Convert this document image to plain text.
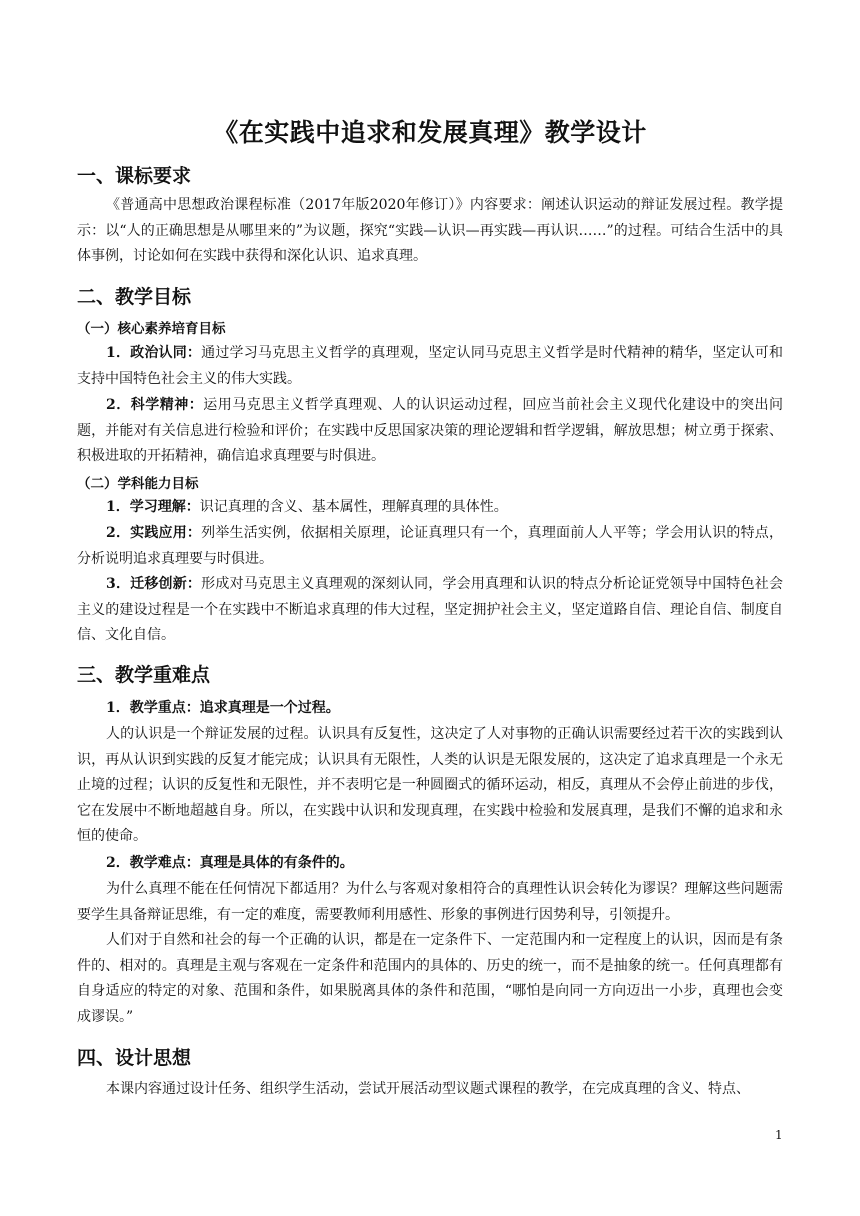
《在实践中追求和发展真理》教学设计
一、课标要求
《普通高中思想政治课程标准（2017年版2020年修订）》内容要求：阐述认识运动的辩证发展过程。教学提示：以“人的正确思想是从哪里来的”为议题，探究“实践—认识—再实践—再认识……”的过程。可结合生活中的具体事例，讨论如何在实践中获得和深化认识、追求真理。
二、教学目标
（一）核心素养培育目标
1．政治认同：通过学习马克思主义哲学的真理观，坚定认同马克思主义哲学是时代精神的精华，坚定认可和支持中国特色社会主义的伟大实践。
2．科学精神：运用马克思主义哲学真理观、人的认识运动过程，回应当前社会主义现代化建设中的突出问题，并能对有关信息进行检验和评价；在实践中反思国家决策的理论逻辑和哲学逻辑，解放思想；树立勇于探索、积极进取的开拓精神，确信追求真理要与时俱进。
（二）学科能力目标
1．学习理解：识记真理的含义、基本属性，理解真理的具体性。
2．实践应用：列举生活实例，依据相关原理，论证真理只有一个，真理面前人人平等；学会用认识的特点，分析说明追求真理要与时俱进。
3．迁移创新：形成对马克思主义真理观的深刻认同，学会用真理和认识的特点分析论证党领导中国特色社会主义的建设过程是一个在实践中不断追求真理的伟大过程，坚定拥护社会主义，坚定道路自信、理论自信、制度自信、文化自信。
三、教学重难点
1．教学重点：追求真理是一个过程。
人的认识是一个辩证发展的过程。认识具有反复性，这决定了人对事物的正确认识需要经过若干次的实践到认识，再从认识到实践的反复才能完成；认识具有无限性，人类的认识是无限发展的，这决定了追求真理是一个永无止境的过程；认识的反复性和无限性，并不表明它是一种圆圈式的循环运动，相反，真理从不会停止前进的步伐，它在发展中不断地超越自身。所以，在实践中认识和发现真理，在实践中检验和发展真理，是我们不懈的追求和永恒的使命。
2．教学难点：真理是具体的有条件的。
为什么真理不能在任何情况下都适用？为什么与客观对象相符合的真理性认识会转化为谬误？理解这些问题需要学生具备辩证思维，有一定的难度，需要教师利用感性、形象的事例进行因势利导，引领提升。
人们对于自然和社会的每一个正确的认识，都是在一定条件下、一定范围内和一定程度上的认识，因而是有条件的、相对的。真理是主观与客观在一定条件和范围内的具体的、历史的统一，而不是抽象的统一。任何真理都有自身适应的特定的对象、范围和条件，如果脱离具体的条件和范围，“哪怕是向同一方向迈出一小步，真理也会变成谬误。”
四、设计思想
本课内容通过设计任务、组织学生活动，尝试开展活动型议题式课程的教学，在完成真理的含义、特点、
1
